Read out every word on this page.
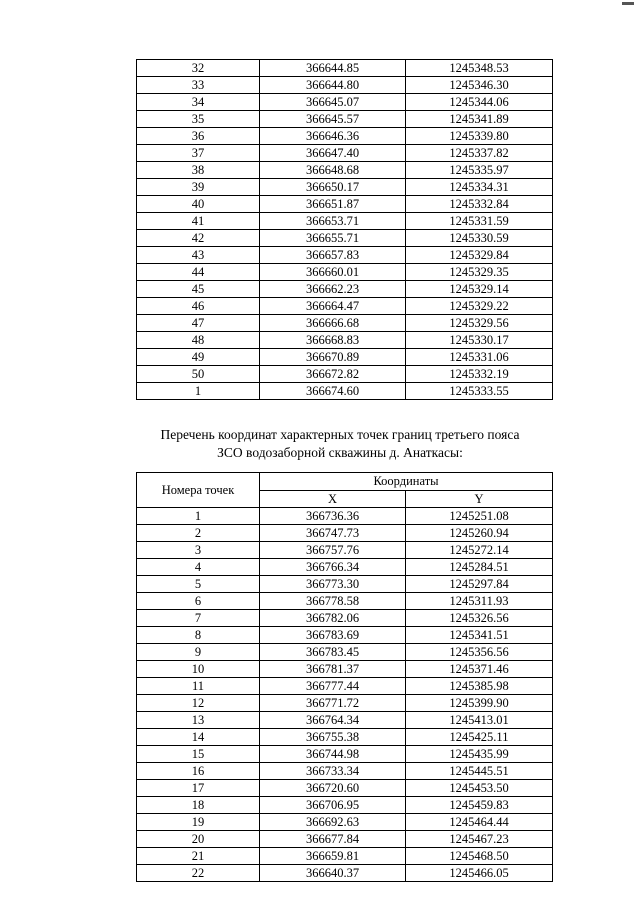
32	366644.85	1245348.53
33	366644.80	1245346.30
34	366645.07	1245344.06
35	366645.57	1245341.89
36	366646.36	1245339.80
37	366647.40	1245337.82
38	366648.68	1245335.97
39	366650.17	1245334.31
40	366651.87	1245332.84
41	366653.71	1245331.59
42	366655.71	1245330.59
43	366657.83	1245329.84
44	366660.01	1245329.35
45	366662.23	1245329.14
46	366664.47	1245329.22
47	366666.68	1245329.56
48	366668.83	1245330.17
49	366670.89	1245331.06
50	366672.82	1245332.19
1	366674.60	1245333.55
Перечень координат характерных точек границ третьего пояса
ЗСО водозаборной скважины д. Анаткасы:
Номера точек	Координаты	
	X	Y
1	366736.36	1245251.08
2	366747.73	1245260.94
3	366757.76	1245272.14
4	366766.34	1245284.51
5	366773.30	1245297.84
6	366778.58	1245311.93
7	366782.06	1245326.56
8	366783.69	1245341.51
9	366783.45	1245356.56
10	366781.37	1245371.46
11	366777.44	1245385.98
12	366771.72	1245399.90
13	366764.34	1245413.01
14	366755.38	1245425.11
15	366744.98	1245435.99
16	366733.34	1245445.51
17	366720.60	1245453.50
18	366706.95	1245459.83
19	366692.63	1245464.44
20	366677.84	1245467.23
21	366659.81	1245468.50
22	366640.37	1245466.05
